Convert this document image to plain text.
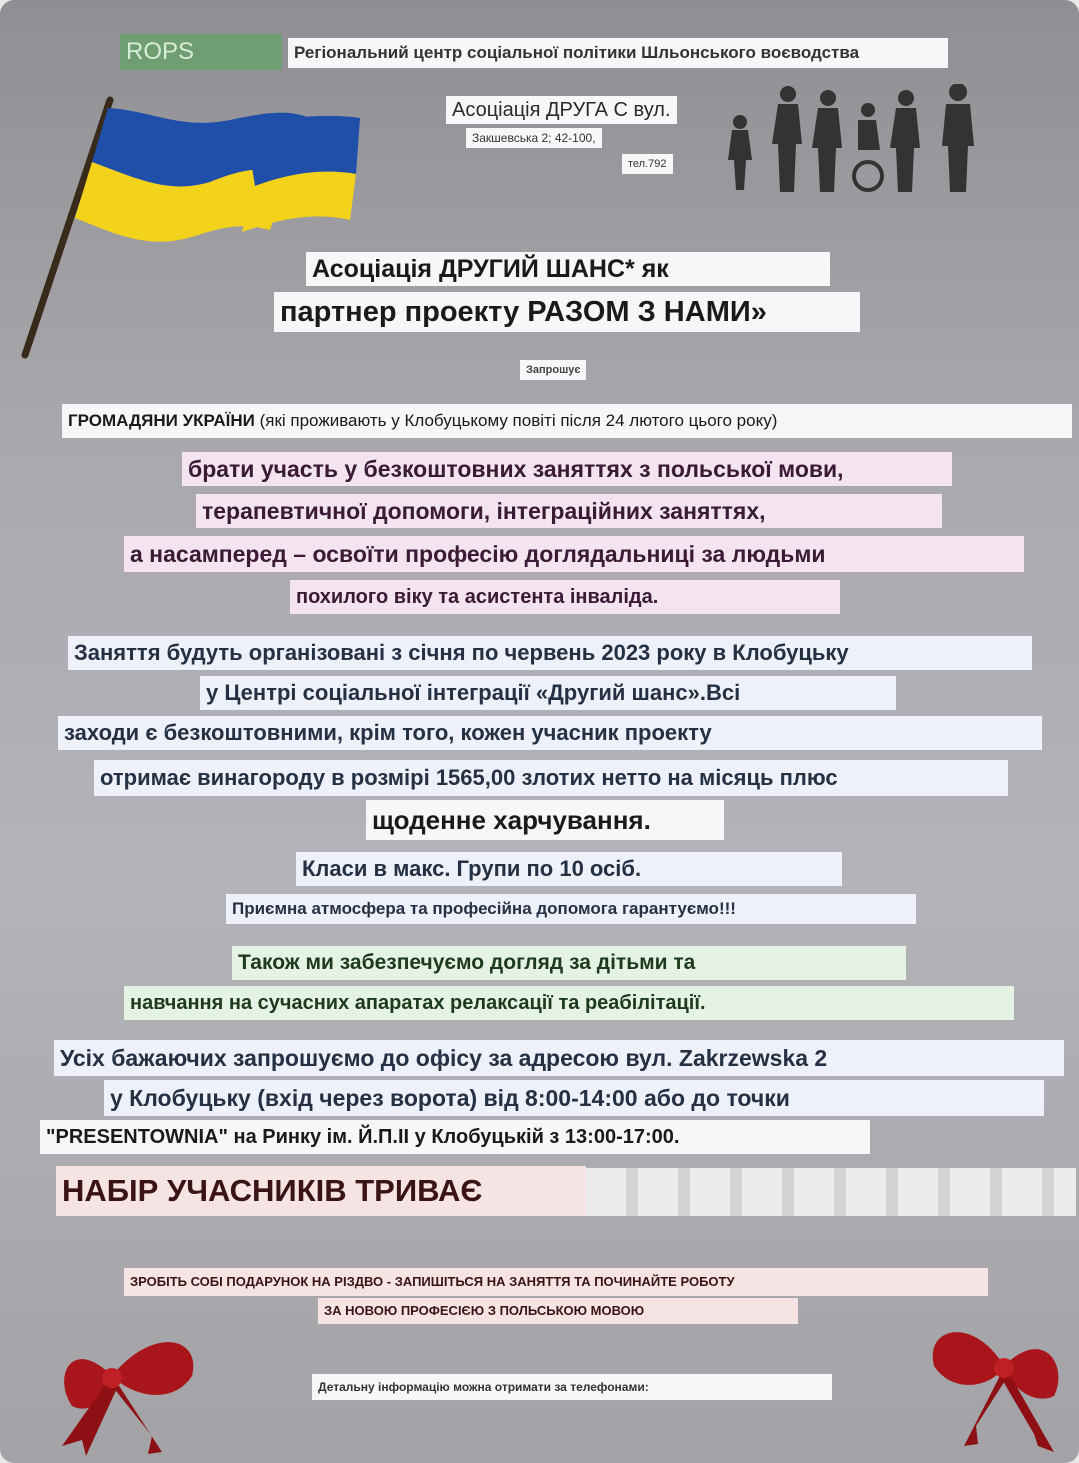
ROPS	Регіональний центр соціальної політики Шльонського воєводства
Асоціація ДРУГА С вул.
Закшевська 2; 42-100,
тел.792
Асоціація ДРУГИЙ ШАНС* як
партнер проекту РАЗОМ З НАМИ»
Запрошує
ГРОМАДЯНИ УКРАЇНИ (які проживають у Клобуцькому повіті після 24 лютого цього року)
брати участь у безкоштовних заняттях з польської мови,
терапевтичної допомоги, інтеграційних заняттях,
а насамперед – освоїти професію доглядальниці за людьми
похилого віку та асистента інваліда.
Заняття будуть організовані з січня по червень 2023 року в Клобуцьку
у Центрі соціальної інтеграції «Другий шанс».Всі
заходи є безкоштовними, крім того, кожен учасник проекту
отримає винагороду в розмірі 1565,00 злотих нетто на місяць плюс
щоденне харчування.
Класи в макс. Групи по 10 осіб.
Приємна атмосфера та професійна допомога гарантуємо!!!
Також ми забезпечуємо догляд за дітьми та
навчання на сучасних апаратах релаксації та реабілітації.
Усіх бажаючих запрошуємо до офісу за адресою вул. Zakrzewska 2
у Клобуцьку (вхід через ворота) від 8:00-14:00 або до точки
"PRESENTOWNIA" на Ринку ім. Й.П.ІІ у Клобуцькій з 13:00-17:00.
НАБІР УЧАСНИКІВ ТРИВАЄ
ЗРОБІТЬ СОБІ ПОДАРУНОК НА РІЗДВО - ЗАПИШІТЬСЯ НА ЗАНЯТТЯ ТА ПОЧИНАЙТЕ РОБОТУ
ЗА НОВОЮ ПРОФЕСІЄЮ З ПОЛЬСЬКОЮ МОВОЮ
Детальну інформацію можна отримати за телефонами:
